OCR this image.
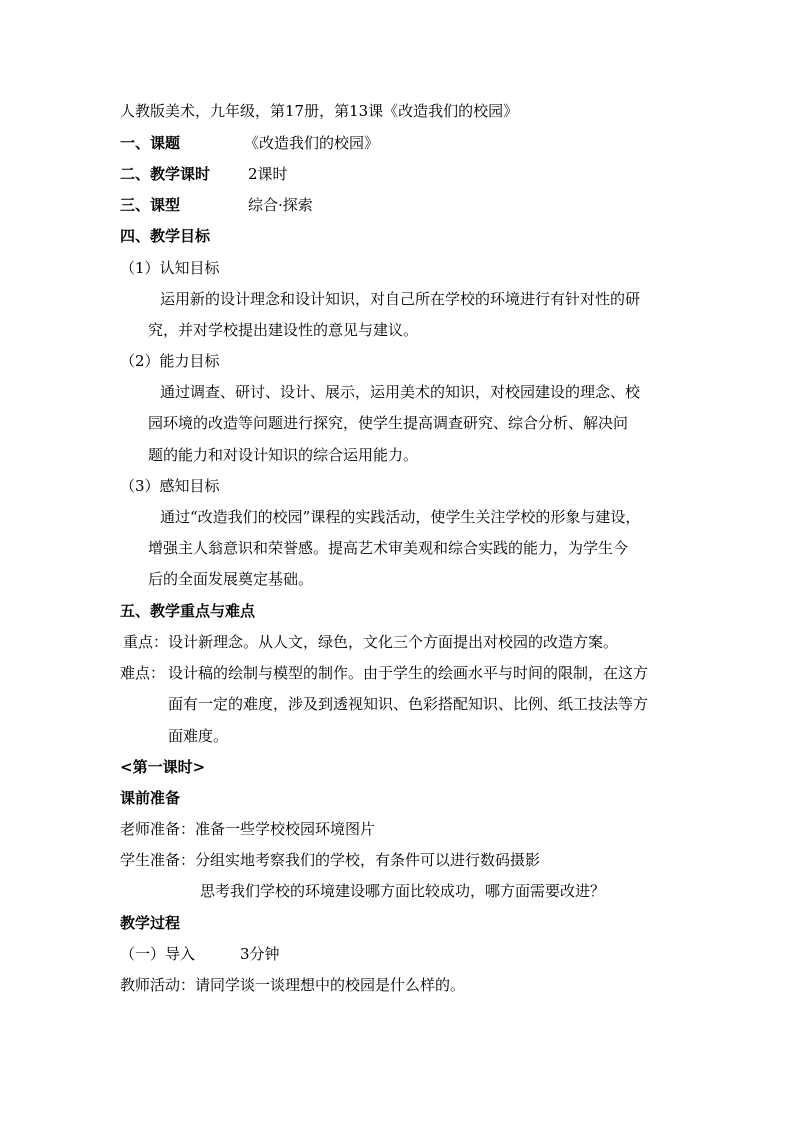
人教版美术，九年级，第17册，第13课《改造我们的校园》

一、课题	《改造我们的校园》
二、教学课时	2课时
三、课型	综合·探索

四、教学目标

（1）认知目标

运用新的设计理念和设计知识，对自己所在学校的环境进行有针对性的研

究，并对学校提出建设性的意见与建议。

（2）能力目标

通过调查、研讨、设计、展示，运用美术的知识，对校园建设的理念、校

园环境的改造等问题进行探究，使学生提高调查研究、综合分析、解决问

题的能力和对设计知识的综合运用能力。

（3）感知目标

通过“改造我们的校园”课程的实践活动，使学生关注学校的形象与建设，

增强主人翁意识和荣誉感。提高艺术审美观和综合实践的能力，为学生今

后的全面发展奠定基础。

五、教学重点与难点

重点： 设计新理念。从人文，绿色，文化三个方面提出对校园的改造方案。
难点： 设计稿的绘制与模型的制作。由于学生的绘画水平与时间的限制，在这方

面有一定的难度，涉及到透视知识、色彩搭配知识、比例、纸工技法等方

面难度。

<第一课时>

课前准备

老师准备：准备一些学校校园环境图片

学生准备：分组实地考察我们的学校，有条件可以进行数码摄影

思考我们学校的环境建设哪方面比较成功，哪方面需要改进？

教学过程

（一）导入	3分钟

教师活动：请同学谈一谈理想中的校园是什么样的。
